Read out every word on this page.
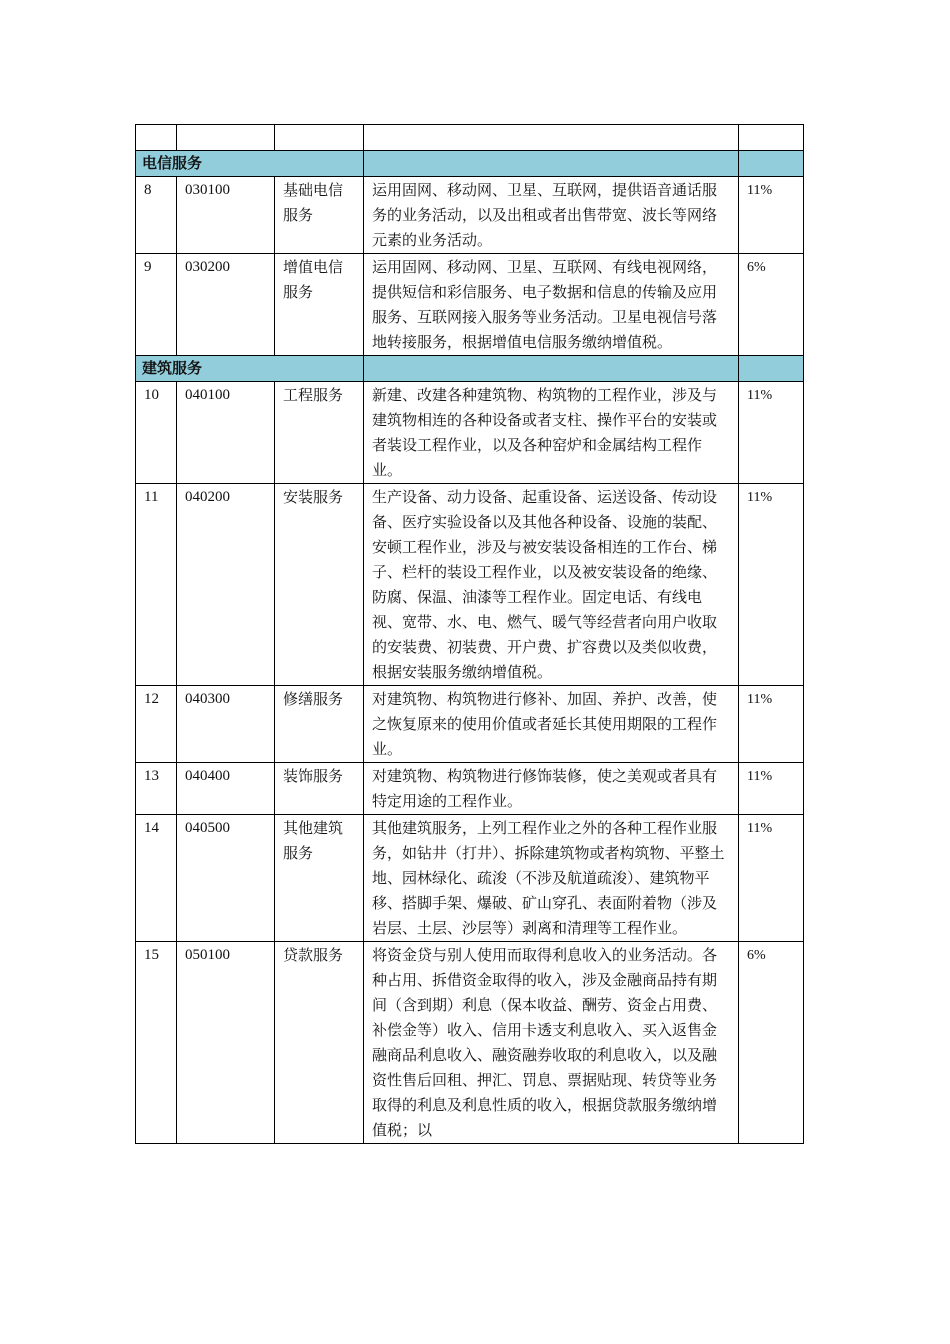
电信服务				
8	030100	基础电信服务	运用固网、移动网、卫星、互联网，提供语音通话服务的业务活动，以及出租或者出售带宽、波长等网络元素的业务活动。	11%
9	030200	增值电信服务	运用固网、移动网、卫星、互联网、有线电视网络，提供短信和彩信服务、电子数据和信息的传输及应用服务、互联网接入服务等业务活动。卫星电视信号落地转接服务，根据增值电信服务缴纳增值税。	6%
建筑服务				
10	040100	工程服务	新建、改建各种建筑物、构筑物的工程作业，涉及与建筑物相连的各种设备或者支柱、操作平台的安装或者装设工程作业，以及各种窑炉和金属结构工程作业。	11%
11	040200	安装服务	生产设备、动力设备、起重设备、运送设备、传动设备、医疗实验设备以及其他各种设备、设施的装配、安顿工程作业，涉及与被安装设备相连的工作台、梯子、栏杆的装设工程作业，以及被安装设备的绝缘、防腐、保温、油漆等工程作业。固定电话、有线电视、宽带、水、电、燃气、暖气等经营者向用户收取的安装费、初装费、开户费、扩容费以及类似收费，根据安装服务缴纳增值税。	11%
12	040300	修缮服务	对建筑物、构筑物进行修补、加固、养护、改善，使之恢复原来的使用价值或者延长其使用期限的工程作业。	11%
13	040400	装饰服务	对建筑物、构筑物进行修饰装修，使之美观或者具有特定用途的工程作业。	11%
14	040500	其他建筑服务	其他建筑服务，上列工程作业之外的各种工程作业服务，如钻井（打井）、拆除建筑物或者构筑物、平整土地、园林绿化、疏浚（不涉及航道疏浚）、建筑物平移、搭脚手架、爆破、矿山穿孔、表面附着物（涉及岩层、土层、沙层等）剥离和清理等工程作业。	11%
15	050100	贷款服务	将资金贷与别人使用而取得利息收入的业务活动。各种占用、拆借资金取得的收入，涉及金融商品持有期间（含到期）利息（保本收益、酬劳、资金占用费、补偿金等）收入、信用卡透支利息收入、买入返售金融商品利息收入、融资融券收取的利息收入，以及融资性售后回租、押汇、罚息、票据贴现、转贷等业务取得的利息及利息性质的收入，根据贷款服务缴纳增值税；以	6%
